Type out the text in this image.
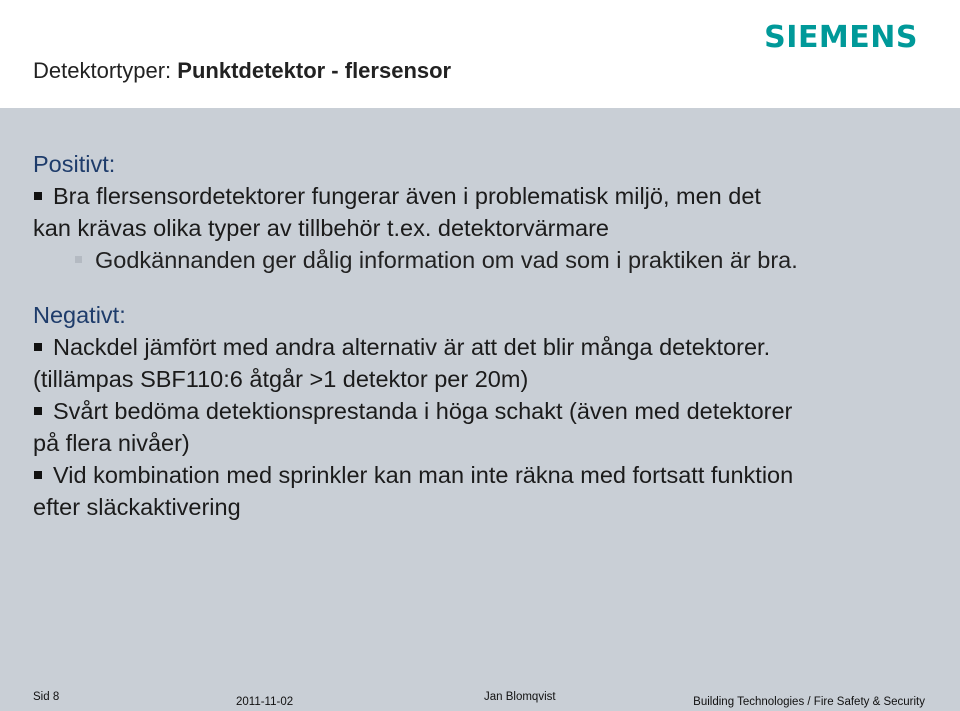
Detektortyper: Punktdetektor - flersensor
SIEMENS

Positivt:

Bra flersensordetektorer fungerar även i problematisk miljö, men det

kan krävas olika typer av tillbehör t.ex. detektorvärmare

Godkännanden ger dålig information om vad som i praktiken är bra.

Negativt:

Nackdel jämfört med andra alternativ är att det blir många detektorer.

(tillämpas SBF110:6 åtgår >1 detektor per 20m)

Svårt bedöma detektionsprestanda i höga schakt (även med detektorer

på flera nivåer)

Vid kombination med sprinkler kan man inte räkna med fortsatt funktion

efter släckaktivering

Sid 8	2011-11-02	Jan Blomqvist	Building Technologies / Fire Safety & Security
